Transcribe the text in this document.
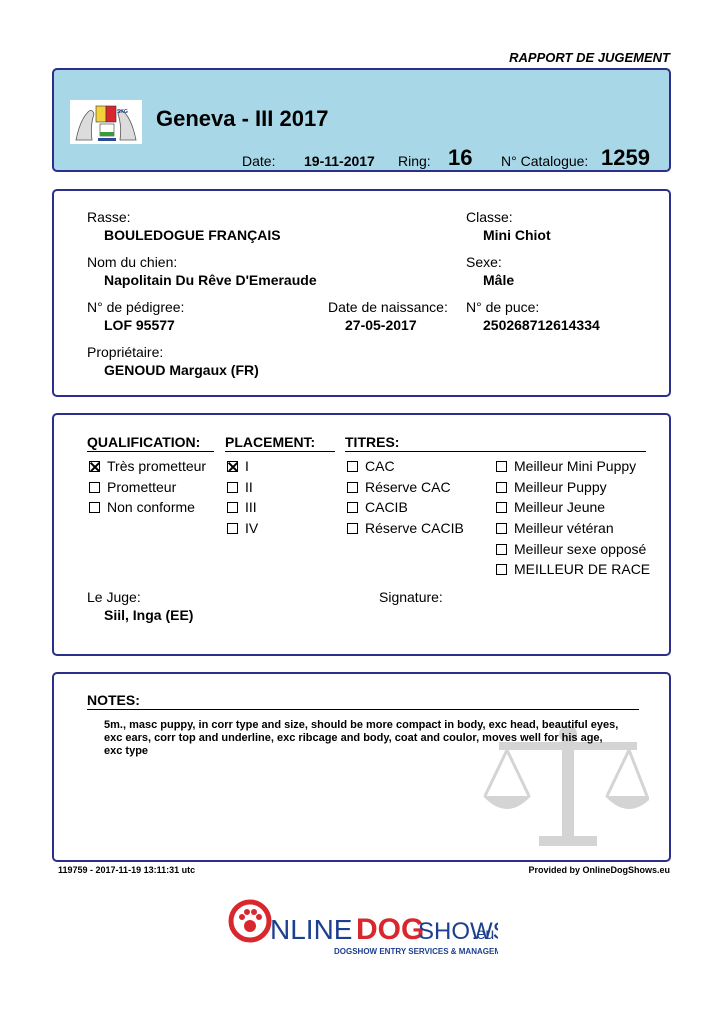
RAPPORT DE JUGEMENT
SKG Geneva - III 2017
Date: 19-11-2017 Ring: 16 N° Catalogue: 1259
Rasse:
BOULEDOGUE FRANÇAIS
Classe:
Mini Chiot
Nom du chien:
Napolitain Du Rêve D'Emeraude
Sexe:
Mâle
N° de pédigree:
LOF 95577
Date de naissance:
27-05-2017
N° de puce:
250268712614334
Propriétaire:
GENOUD Margaux (FR)
QUALIFICATION: PLACEMENT: TITRES:
Très prometteur
Prometteur
Non conforme
I
II
III
IV
CAC
Réserve CAC
CACIB
Réserve CACIB
Meilleur Mini Puppy
Meilleur Puppy
Meilleur Jeune
Meilleur vétéran
Meilleur sexe opposé
MEILLEUR DE RACE
Le Juge:
Siil, Inga (EE)
Signature:
NOTES:
5m., masc puppy, in corr type and size, should be more compact in body, exc head, beautiful eyes, exc ears, corr top and underline, exc ribcage and body, coat and coulor, moves well for his age, exc type
119759 - 2017-11-19 13:11:31 utc	Provided by OnlineDogShows.eu
NLINE DOG
SHOW
.eu
DOGSHOW ENTRY SERVICES & MANAGEM
